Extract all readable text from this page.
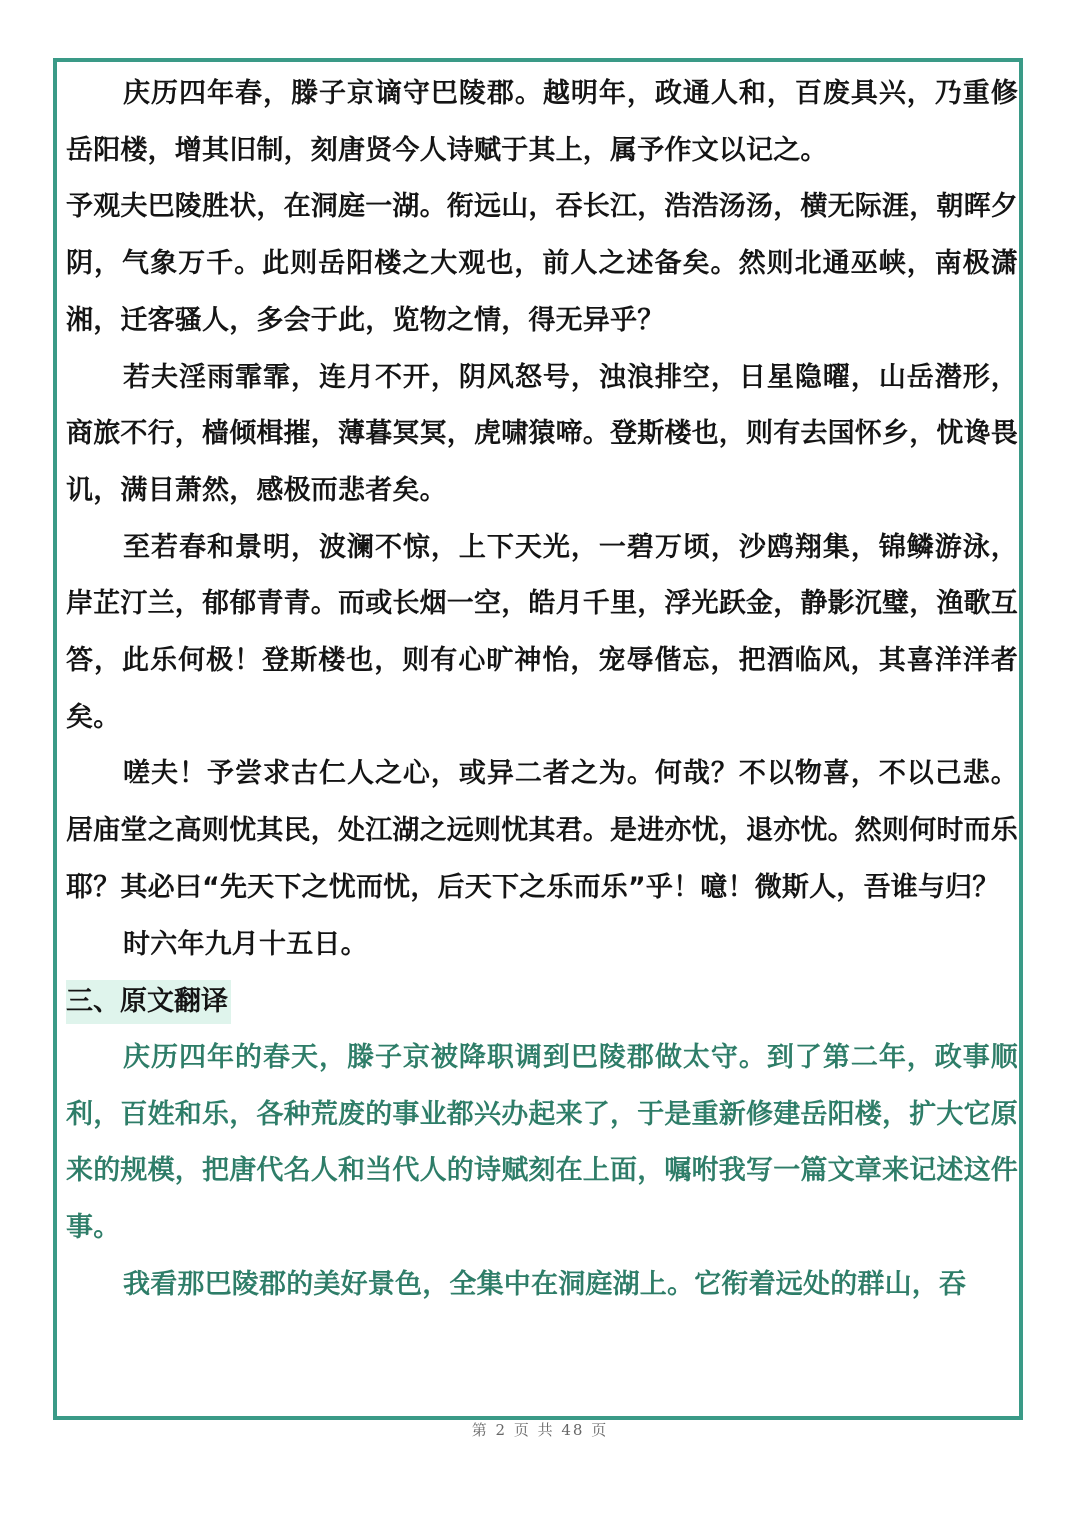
庆历四年春，滕子京谪守巴陵郡。越明年，政通人和，百废具兴，乃重修岳阳楼，增其旧制，刻唐贤今人诗赋于其上，属予作文以记之。

予观夫巴陵胜状，在洞庭一湖。衔远山，吞长江，浩浩汤汤，横无际涯，朝晖夕阴，气象万千。此则岳阳楼之大观也，前人之述备矣。然则北通巫峡，南极潇湘，迁客骚人，多会于此，览物之情，得无异乎？

若夫淫雨霏霏，连月不开，阴风怒号，浊浪排空，日星隐曜，山岳潜形，商旅不行，樯倾楫摧，薄暮冥冥，虎啸猿啼。登斯楼也，则有去国怀乡，忧谗畏讥，满目萧然，感极而悲者矣。

至若春和景明，波澜不惊，上下天光，一碧万顷，沙鸥翔集，锦鳞游泳，岸芷汀兰，郁郁青青。而或长烟一空，皓月千里，浮光跃金，静影沉璧，渔歌互答，此乐何极！登斯楼也，则有心旷神怡，宠辱偕忘，把酒临风，其喜洋洋者矣。

嗟夫！予尝求古仁人之心，或异二者之为。何哉？不以物喜，不以己悲。居庙堂之高则忧其民，处江湖之远则忧其君。是进亦忧，退亦忧。然则何时而乐耶？其必曰“先天下之忧而忧，后天下之乐而乐”乎！噫！微斯人，吾谁与归？

时六年九月十五日。

三、原文翻译

庆历四年的春天，滕子京被降职调到巴陵郡做太守。到了第二年，政事顺利，百姓和乐，各种荒废的事业都兴办起来了，于是重新修建岳阳楼，扩大它原来的规模，把唐代名人和当代人的诗赋刻在上面，嘱咐我写一篇文章来记述这件事。

我看那巴陵郡的美好景色，全集中在洞庭湖上。它衔着远处的群山，吞

第 2 页 共 48 页
